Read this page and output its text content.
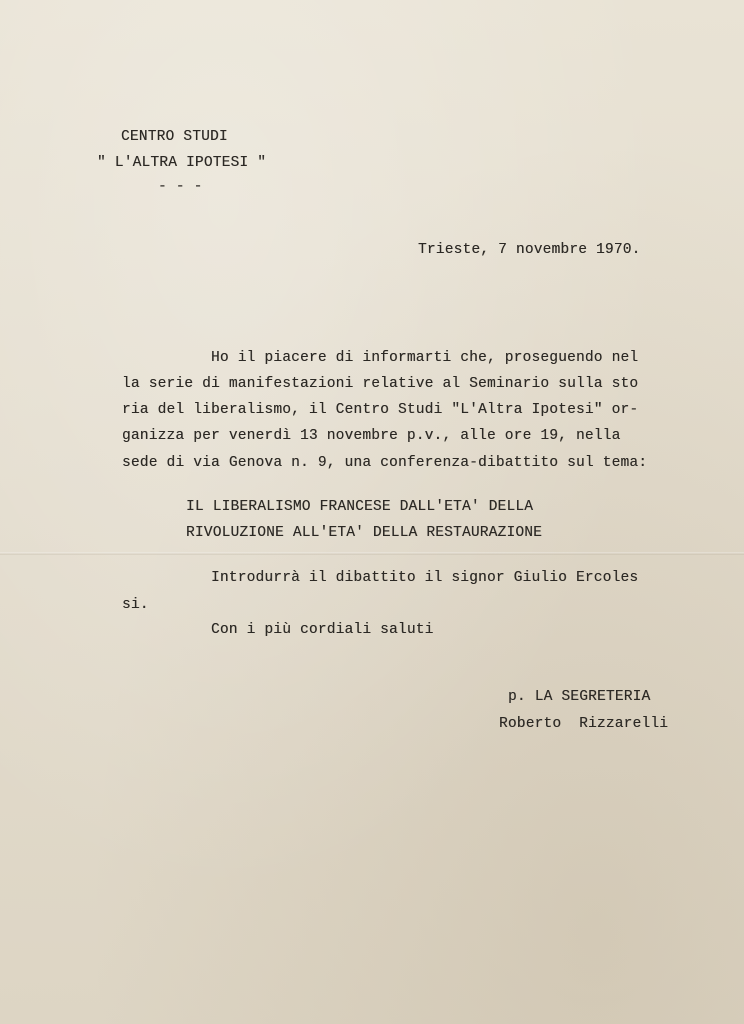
CENTRO STUDI
" L'ALTRA IPOTESI "
- - -
Trieste, 7 novembre 1970.
Ho il piacere di informarti che, proseguendo nel
la serie di manifestazioni relative al Seminario sulla sto
ria del liberalismo, il Centro Studi "L'Altra Ipotesi" or-
ganizza per venerdì 13 novembre p.v., alle ore 19, nella
sede di via Genova n. 9, una conferenza-dibattito sul tema:
IL LIBERALISMO FRANCESE DALL'ETA' DELLA
RIVOLUZIONE ALL'ETA' DELLA RESTAURAZIONE
Introdurrà il dibattito il signor Giulio Ercoles
si.
Con i più cordiali saluti
p. LA SEGRETERIA
Roberto  Rizzarelli
